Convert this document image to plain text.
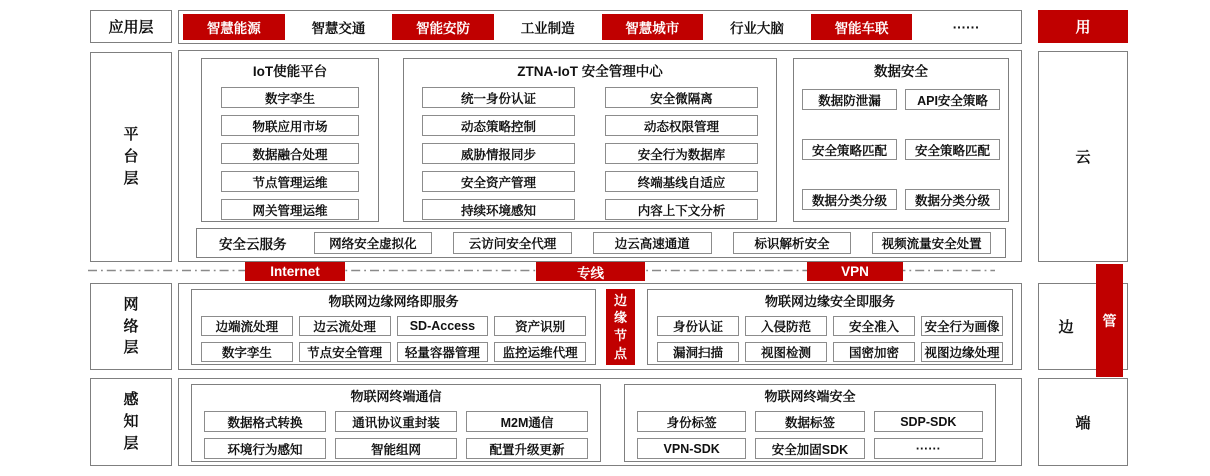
应用层
平台层
网络层
感知层
智慧能源	智慧交通	智能安防	工业制造	智慧城市	行业大脑	智能车联	······
IoT使能平台
数字孪生
物联应用市场
数据融合处理
节点管理运维
网关管理运维
ZTNA-IoT 安全管理中心
统一身份认证	安全微隔离
动态策略控制	动态权限管理
威胁情报同步	安全行为数据库
安全资产管理	终端基线自适应
持续环境感知	内容上下文分析
数据安全
数据防泄漏	API安全策略
安全策略匹配	安全策略匹配
数据分类分级	数据分类分级
安全云服务	网络安全虚拟化	云访问安全代理	边云高速通道	标识解析安全	视频流量安全处置
Internet	专线	VPN
物联网边缘网络即服务
边端流处理	边云流处理	SD-Access	资产识别
数字孪生	节点安全管理	轻量容器管理	监控运维代理
边缘节点
物联网边缘安全即服务
身份认证	入侵防范	安全准入	安全行为画像
漏洞扫描	视图检测	国密加密	视图边缘处理
物联网终端通信
数据格式转换	通讯协议重封装	M2M通信
环境行为感知	智能组网	配置升级更新
物联网终端安全
身份标签	数据标签	SDP-SDK
VPN-SDK	安全加固SDK	······
用
云
边
端
管
